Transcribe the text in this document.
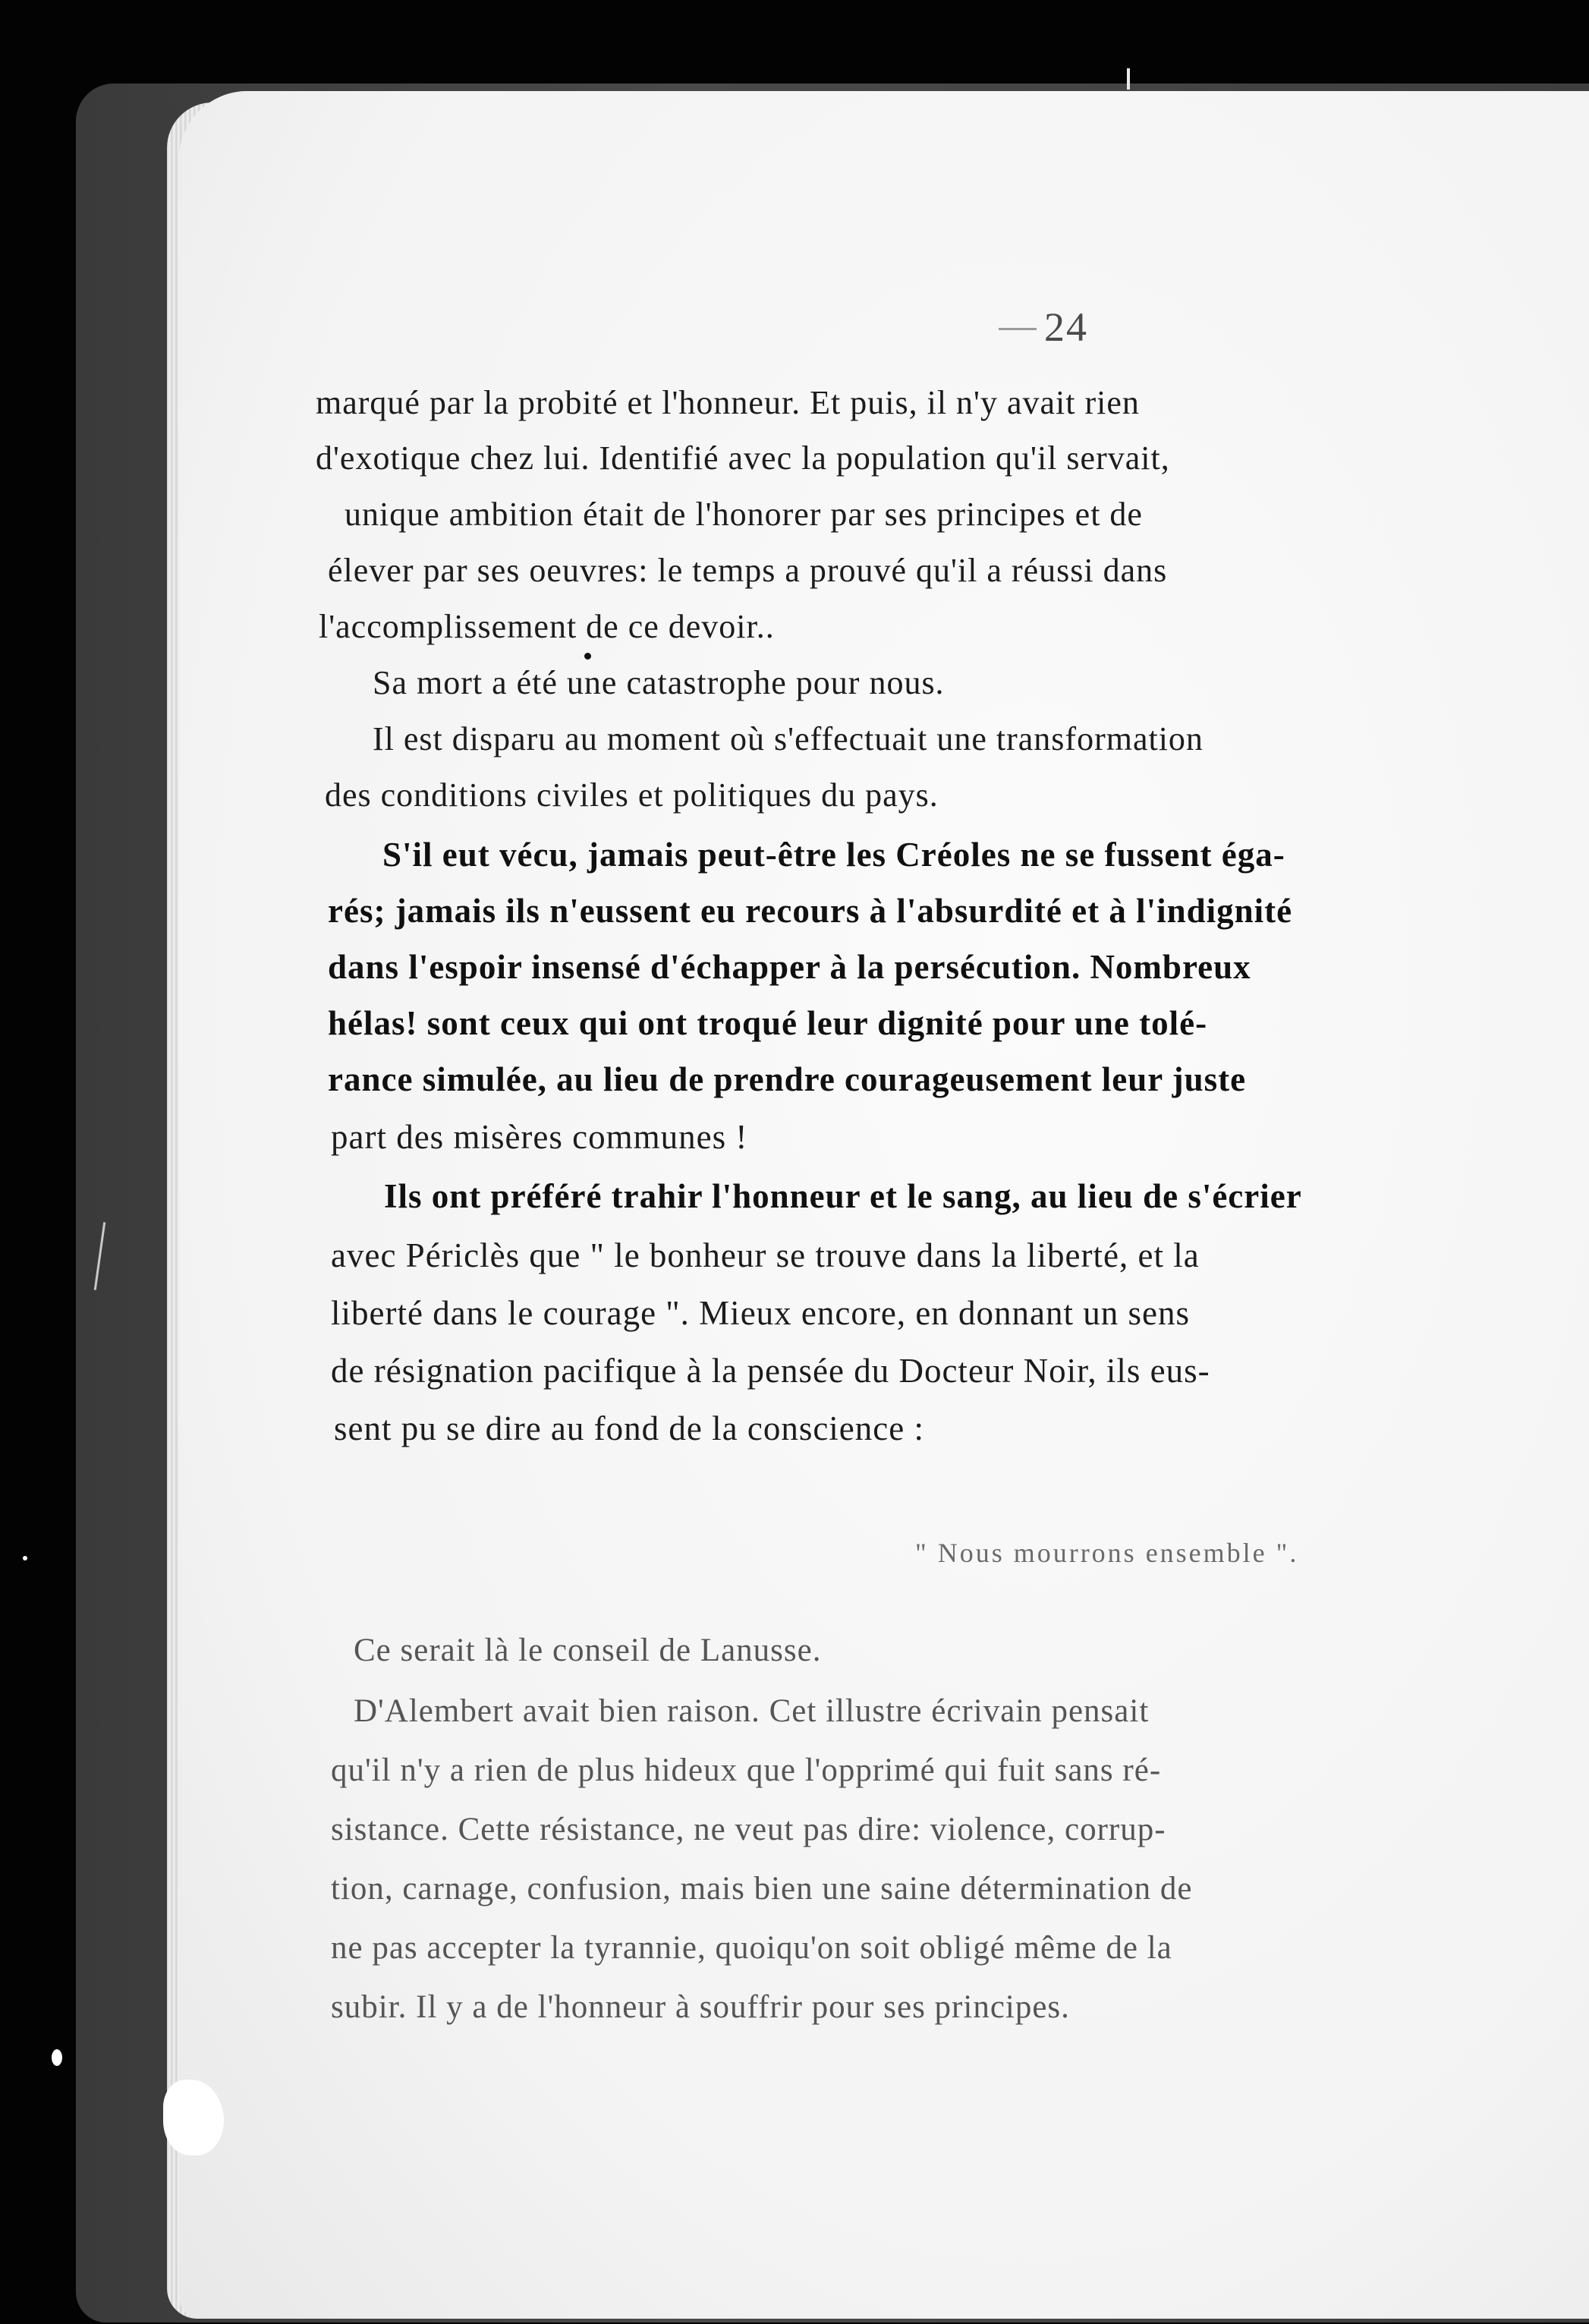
24
marqué par la probité et l'honneur. Et puis, il n'y avait rien
d'exotique chez lui. Identifié avec la population qu'il servait,
unique ambition était de l'honorer par ses principes et de
élever par ses oeuvres: le temps a prouvé qu'il a réussi dans
l'accomplissement de ce devoir..
Sa mort a été une catastrophe pour nous.
Il est disparu au moment où s'effectuait une transformation
des conditions civiles et politiques du pays.
S'il eut vécu, jamais peut-être les Créoles ne se fussent éga-
rés; jamais ils n'eussent eu recours à l'absurdité et à l'indignité
dans l'espoir insensé d'échapper à la persécution. Nombreux
hélas! sont ceux qui ont troqué leur dignité pour une tolé-
rance simulée, au lieu de prendre courageusement leur juste
part des misères communes !
Ils ont préféré trahir l'honneur et le sang, au lieu de s'écrier
avec Périclès que " le bonheur se trouve dans la liberté, et la
liberté dans le courage ". Mieux encore, en donnant un sens
de résignation pacifique à la pensée du Docteur Noir, ils eus-
sent pu se dire au fond de la conscience :
" Nous mourrons ensemble ".
Ce serait là le conseil de Lanusse.
D'Alembert avait bien raison. Cet illustre écrivain pensait
qu'il n'y a rien de plus hideux que l'opprimé qui fuit sans ré-
sistance. Cette résistance, ne veut pas dire: violence, corrup-
tion, carnage, confusion, mais bien une saine détermination de
ne pas accepter la tyrannie, quoiqu'on soit obligé même de la
subir. Il y a de l'honneur à souffrir pour ses principes.
